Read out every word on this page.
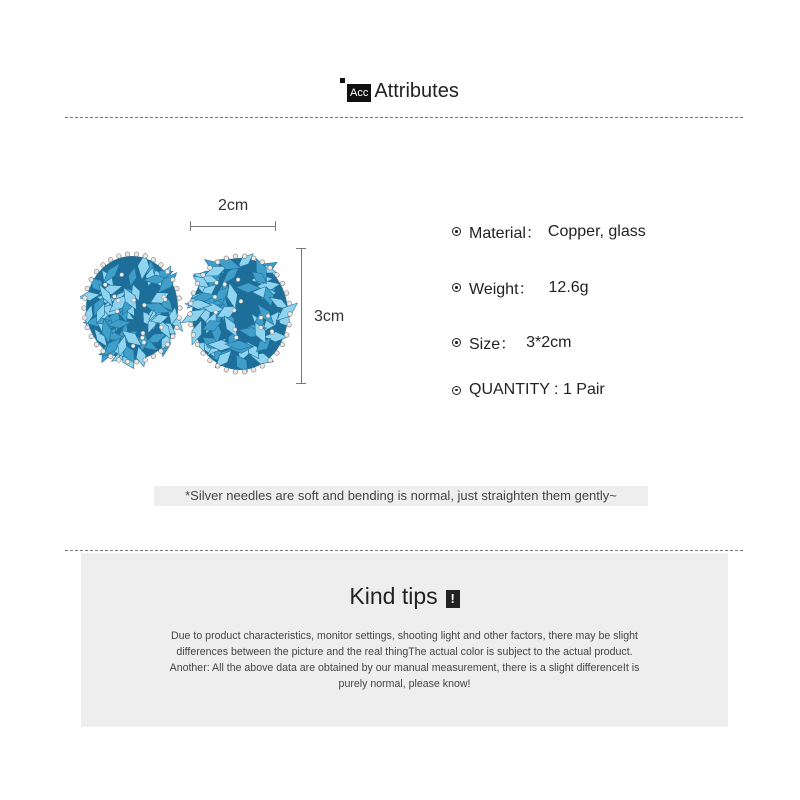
Acc Attributes
2cm
3cm
Material： Copper, glass
Weight： 12.6g
Size： 3*2cm
QUANTITY : 1 Pair
*Silver needles are soft and bending is normal, just straighten them gently~
Kind tips !
Due to product characteristics, monitor settings, shooting light and other factors, there may be slight
differences between the picture and the real thingThe actual color is subject to the actual product.
Another: All the above data are obtained by our manual measurement, there is a slight differenceIt is
purely normal, please know!
